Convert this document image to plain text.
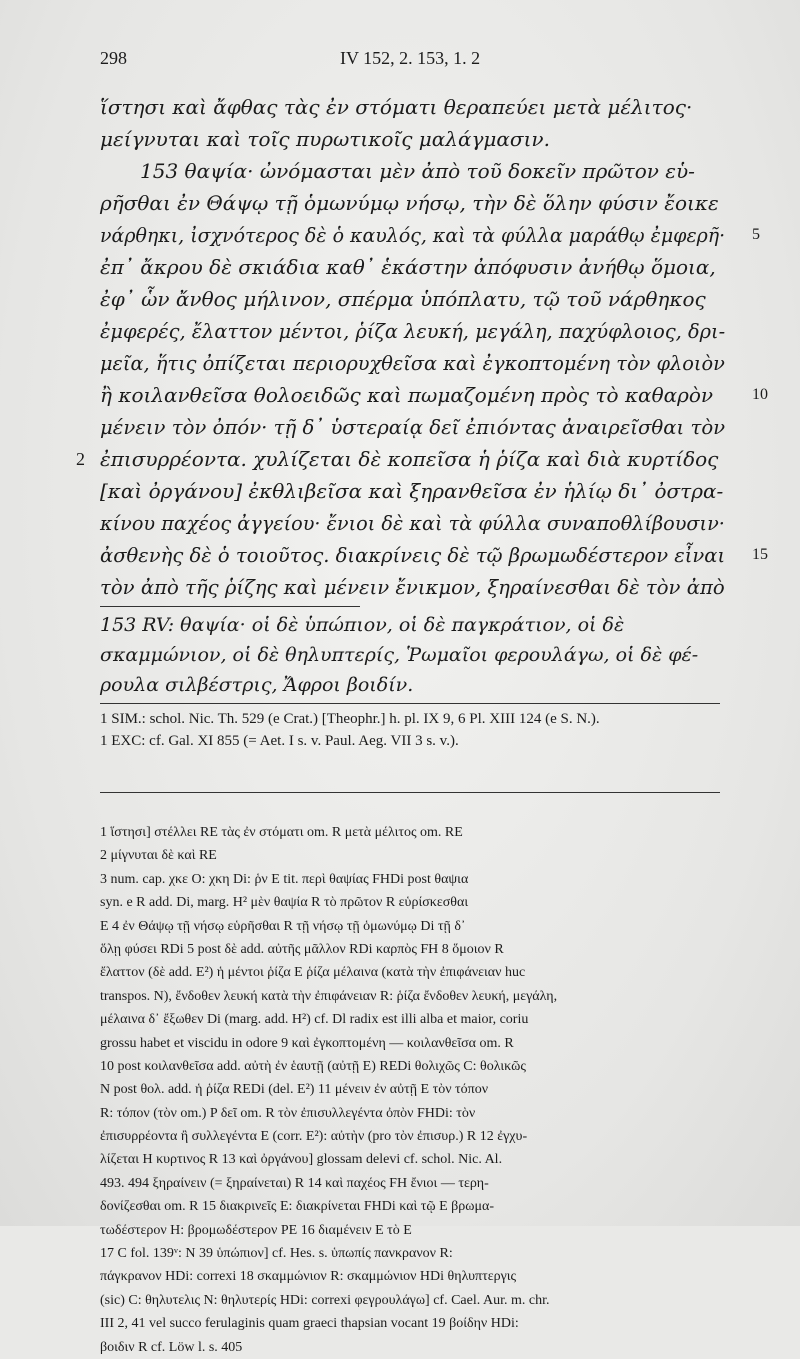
298	IV 152, 2. 153, 1. 2
ἵστησι καὶ ἄφθας τὰς ἐν στόματι θεραπεύει μετὰ μέλιτος·
μείγνυται καὶ τοῖς πυρωτικοῖς μαλάγμασιν.
153 θαψία· ὠνόμασται μὲν ἀπὸ τοῦ δοκεῖν πρῶτον εὑ-
ρῆσθαι ἐν Θάψῳ τῇ ὁμωνύμῳ νήσῳ, τὴν δὲ ὅλην φύσιν ἔοικε
νάρθηκι, ἰσχνότερος δὲ ὁ καυλός, καὶ τὰ φύλλα μαράθῳ ἐμφερῆ· 5
ἐπ᾽ ἄκρου δὲ σκιάδια καθ᾽ ἑκάστην ἀπόφυσιν ἀνήθῳ ὅμοια,
ἐφ᾽ ὧν ἄνθος μήλινον, σπέρμα ὑπόπλατυ, τῷ τοῦ νάρθηκος
ἐμφερές, ἔλαττον μέντοι, ῥίζα λευκή, μεγάλη, παχύφλοιος, δρι-
μεῖα, ἥτις ὀπίζεται περιορυχθεῖσα καὶ ἐγκοπτομένη τὸν φλοιὸν
ἢ κοιλανθεῖσα θολοειδῶς καὶ πωμαζομένη πρὸς τὸ καθαρὸν 10
μένειν τὸν ὀπόν· τῇ δ᾽ ὑστεραίᾳ δεῖ ἐπιόντας ἀναιρεῖσθαι τὸν
ἐπισυρρέοντα. χυλίζεται δὲ κοπεῖσα ἡ ῥίζα καὶ διὰ κυρτίδος
2
[καὶ ὀργάνου] ἐκθλιβεῖσα καὶ ξηρανθεῖσα ἐν ἡλίῳ δι᾽ ὀστρα-
κίνου παχέος ἀγγείου· ἔνιοι δὲ καὶ τὰ φύλλα συναποθλίβουσιν·
ἀσθενὴς δὲ ὁ τοιοῦτος. διακρίνεις δὲ τῷ βρωμωδέστερον εἶναι 15
τὸν ἀπὸ τῆς ῥίζης καὶ μένειν ἔνικμον, ξηραίνεσθαι δὲ τὸν ἀπὸ
153 RV: θαψία· οἱ δὲ ὑπώπιον, οἱ δὲ παγκράτιον, οἱ δὲ
σκαμμώνιον, οἱ δὲ θηλυπτερίς, Ῥωμαῖοι φερουλάγω, οἱ δὲ φέ-
ρουλα σιλβέστρις, Ἄφροι βοιδίν.
1 SIM.: schol. Nic. Th. 529 (e Crat.) [Theophr.] h. pl. IX 9, 6 Pl. XIII 124 (e S. N.).
1 EXC: cf. Gal. XI 855 (= Aet. I s. v. Paul. Aeg. VII 3 s. v.).
1 ἵστησι] στέλλει RE τὰς ἐν στόματι om. R μετὰ μέλιτος om. RE
2 μίγνυται δὲ καὶ RE
3 num. cap. χκε O: χκη Di: ῥν E tit. περὶ θαψίας FHDi post θαψια
syn. e R add. Di, marg. H² μὲν θαψία R τὸ πρῶτον R εὑρίσκεσθαι
E 4 ἐν Θάψῳ τῇ νήσῳ εὑρῆσθαι R τῇ νήσῳ τῇ ὁμωνύμῳ Di τῇ δ᾽
ὅλῃ φύσει RDi 5 post δὲ add. αὐτῆς μᾶλλον RDi καρπὸς FH 8 ὅμοιον R
ἔλαττον (δὲ add. E²) ἡ μέντοι ῥίζα E ῥίζα μέλαινα (κατὰ τὴν ἐπιφάνειαν huc
transpos. N), ἔνδοθεν λευκή κατὰ τὴν ἐπιφάνειαν R: ῥίζα ἔνδοθεν λευκή, μεγάλη,
μέλαινα δ᾽ ἔξωθεν Di (marg. add. H²) cf. Dl radix est illi alba et maior, coriu
grossu habet et viscidu in odore 9 καὶ ἐγκοπτομένη — κοιλανθεῖσα om. R
10 post κοιλανθεῖσα add. αὐτὴ ἐν ἑαυτῇ (αὐτῇ E) REDi θολιχῶς C: θολικῶς
N post θολ. add. ἡ ῥίζα REDi (del. E²) 11 μένειν ἐν αὐτῇ E τὸν τόπον
R: τόπον (τὸν om.) P δεῖ om. R τὸν ἐπισυλλεγέντα ὀπὸν FHDi: τὸν
ἐπισυρρέοντα ἢ συλλεγέντα E (corr. E²): αὐτὴν (pro τὸν ἐπισυρ.) R 12 ἐγχυ-
λίζεται H κυρτινος R 13 καὶ ὀργάνου] glossam delevi cf. schol. Nic. Al.
493. 494 ξηραίνειν (= ξηραίνεται) R 14 καὶ παχέος FH ἔνιοι — τερη-
δονίζεσθαι om. R 15 διακρινεῖς E: διακρίνεται FHDi καὶ τῷ E βρωμα-
τωδέστερον H: βρομωδέστερον PE 16 διαμένειν E τὸ E
17 C fol. 139ᵛ: N 39 ὑπώπιον] cf. Hes. s. ὑπωπίς πανκρανον R:
πάγκρανον HDi: correxi 18 σκαμμώνιον R: σκαμμώνιον HDi θηλυπτεργις
(sic) C: θηλυτελις N: θηλυτερίς HDi: correxi φεγρουλάγω] cf. Cael. Aur. m. chr.
III 2, 41 vel succo ferulaginis quam graeci thapsian vocant 19 βοίδην HDi:
βοιδιν R cf. Löw l. s. 405
